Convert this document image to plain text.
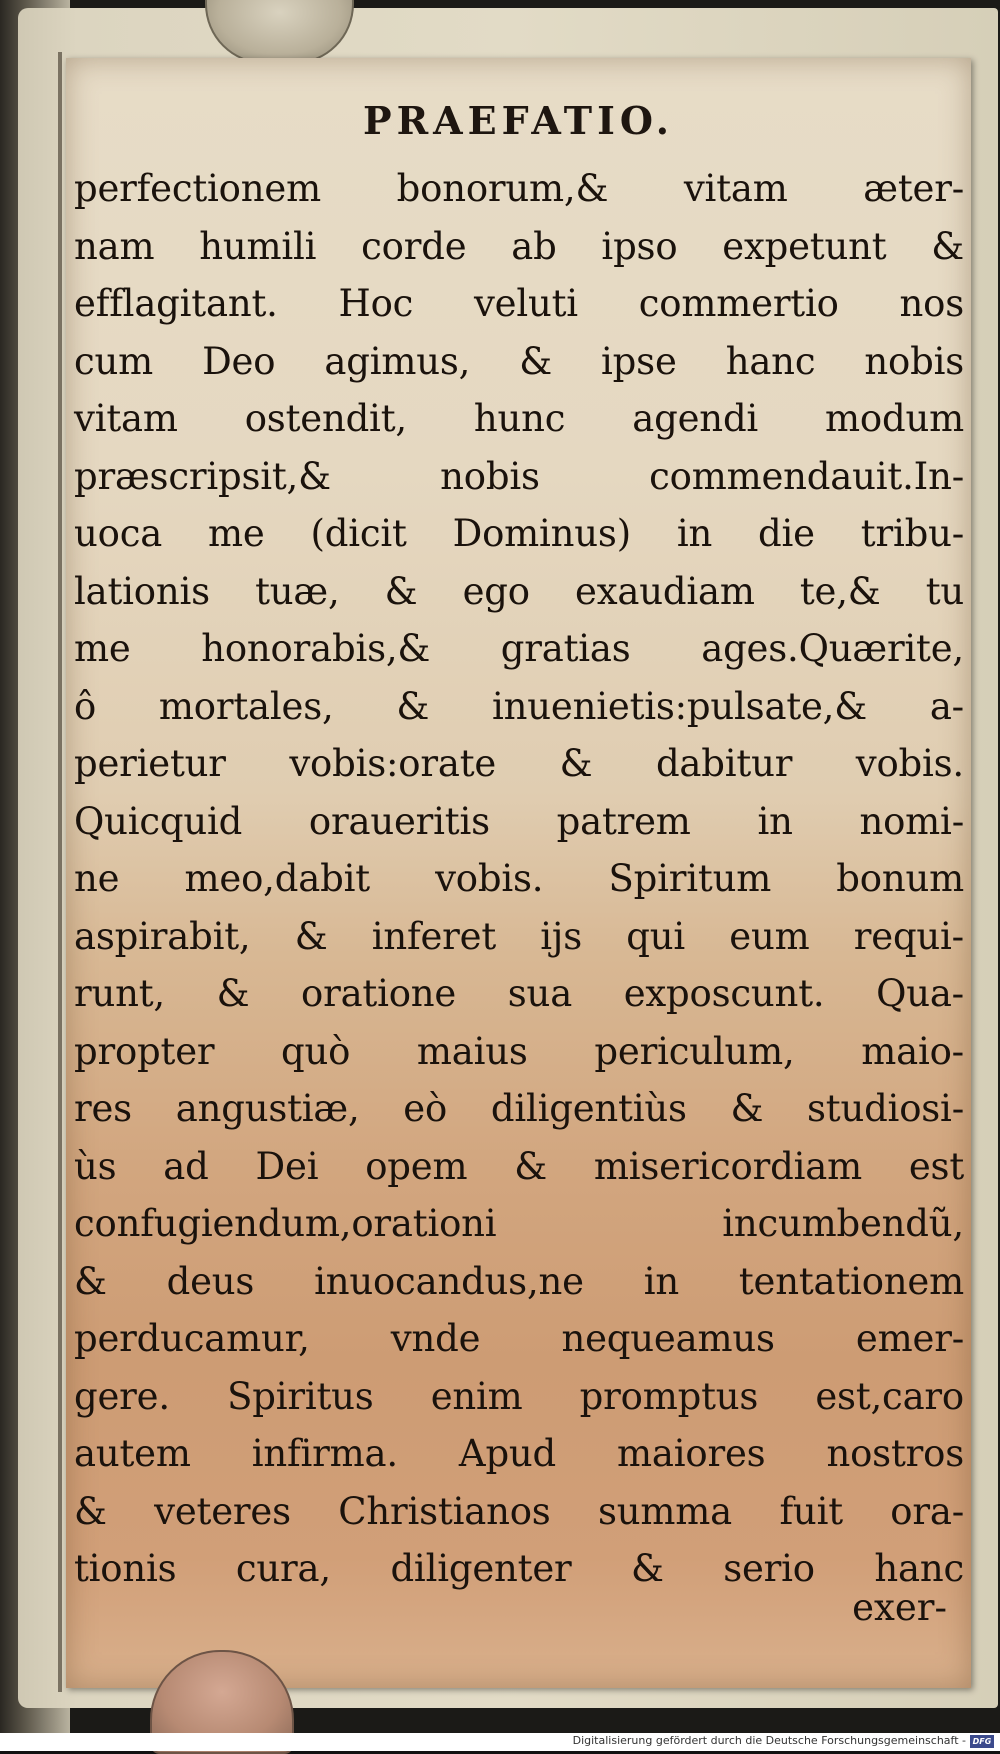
PRAEFATIO.
perfectionem bonorum,& vitam æter-
nam humili corde ab ipso expetunt &
efflagitant. Hoc veluti commertio nos
cum Deo agimus, & ipse hanc nobis
vitam ostendit, hunc agendi modum
præscripsit,& nobis commendauit.In-
uoca me (dicit Dominus) in die tribu-
lationis tuæ, & ego exaudiam te,& tu
me honorabis,& gratias ages.Quærite,
ô mortales, & inuenietis:pulsate,& a-
perietur vobis:orate & dabitur vobis.
Quicquid oraueritis patrem in nomi-
ne meo,dabit vobis. Spiritum bonum
aspirabit, & inferet ijs qui eum requi-
runt, & oratione sua exposcunt. Qua-
propter quò maius periculum, maio-
res angustiæ, eò diligentiùs & studiosi-
ùs ad Dei opem & misericordiam est
confugiendum,orationi incumbendũ,
& deus inuocandus,ne in tentationem
perducamur, vnde nequeamus emer-
gere. Spiritus enim promptus est,caro
autem infirma. Apud maiores nostros
& veteres Christianos summa fuit ora-
tionis cura, diligenter & serio hanc
exer-
Digitalisierung gefördert durch die Deutsche Forschungsgemeinschaft - DFG
